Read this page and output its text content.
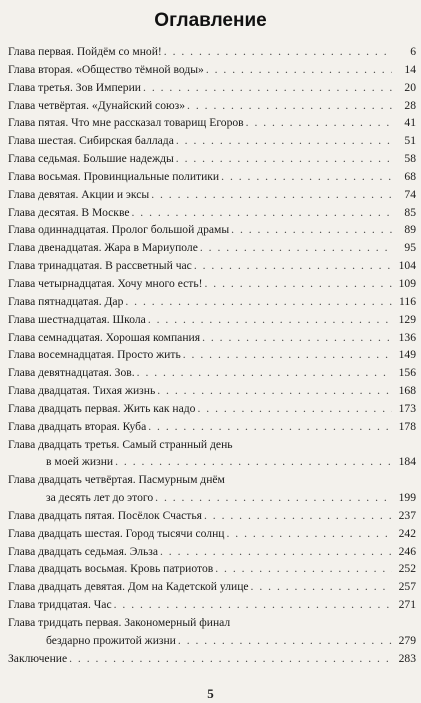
Оглавление
Глава первая. Пойдём со мной! . . .	6
Глава вторая. «Общество тёмной воды» . . .	14
Глава третья. Зов Империи . . .	20
Глава четвёртая. «Дунайский союз» . . .	28
Глава пятая. Что мне рассказал товарищ Егоров . . .	41
Глава шестая. Сибирская баллада . . .	51
Глава седьмая. Большие надежды . . .	58
Глава восьмая. Провинциальные политики . . .	68
Глава девятая. Акции и эксы . . .	74
Глава десятая. В Москве . . .	85
Глава одиннадцатая. Пролог большой драмы . . .	89
Глава двенадцатая. Жара в Мариуполе . . .	95
Глава тринадцатая. В рассветный час . . .	104
Глава четырнадцатая. Хочу много есть! . . .	109
Глава пятнадцатая. Дар . . .	116
Глава шестнадцатая. Школа . . .	129
Глава семнадцатая. Хорошая компания . . .	136
Глава восемнадцатая. Просто жить . . .	149
Глава девятнадцатая. Зов. . . .	156
Глава двадцатая. Тихая жизнь . . .	168
Глава двадцать первая. Жить как надо . . .	173
Глава двадцать вторая. Куба . . .	178
Глава двадцать третья. Самый странный день
в моей жизни . . .	184
Глава двадцать четвёртая. Пасмурным днём
за десять лет до этого . . .	199
Глава двадцать пятая. Посёлок Счастья . . .	237
Глава двадцать шестая. Город тысячи солнц . . .	242
Глава двадцать седьмая. Эльза . . .	246
Глава двадцать восьмая. Кровь патриотов . . .	252
Глава двадцать девятая. Дом на Кадетской улице . . .	257
Глава тридцатая. Час . . .	271
Глава тридцать первая. Закономерный финал
бездарно прожитой жизни . . .	279
Заключение . . .	283
5
